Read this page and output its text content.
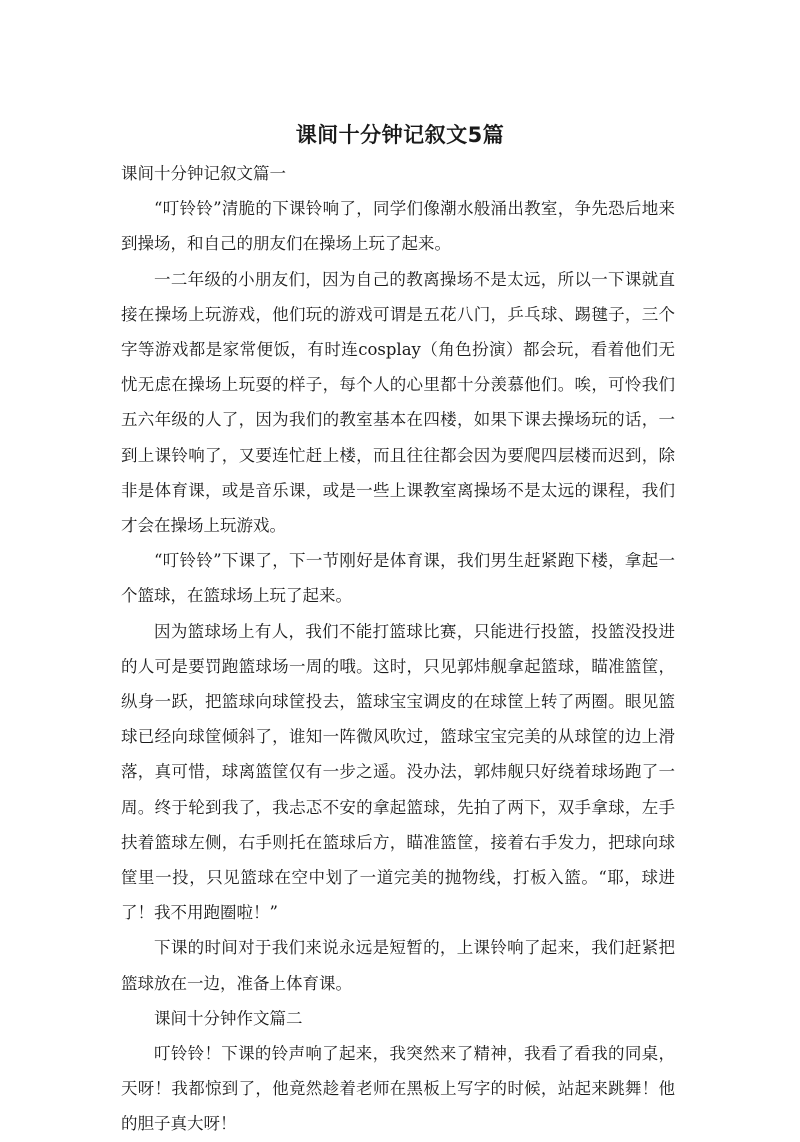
课间十分钟记叙文5篇

课间十分钟记叙文篇一

“叮铃铃”清脆的下课铃响了，同学们像潮水般涌出教室，争先恐后地来到操场，和自己的朋友们在操场上玩了起来。

一二年级的小朋友们，因为自己的教离操场不是太远，所以一下课就直接在操场上玩游戏，他们玩的游戏可谓是五花八门，乒乓球、踢毽子，三个字等游戏都是家常便饭，有时连cosplay（角色扮演）都会玩，看着他们无忧无虑在操场上玩耍的样子，每个人的心里都十分羡慕他们。唉，可怜我们五六年级的人了，因为我们的教室基本在四楼，如果下课去操场玩的话，一到上课铃响了，又要连忙赶上楼，而且往往都会因为要爬四层楼而迟到，除非是体育课，或是音乐课，或是一些上课教室离操场不是太远的课程，我们才会在操场上玩游戏。

“叮铃铃”下课了，下一节刚好是体育课，我们男生赶紧跑下楼，拿起一个篮球，在篮球场上玩了起来。

因为篮球场上有人，我们不能打篮球比赛，只能进行投篮，投篮没投进的人可是要罚跑篮球场一周的哦。这时，只见郭炜舰拿起篮球，瞄准篮筐，纵身一跃，把篮球向球筐投去，篮球宝宝调皮的在球筐上转了两圈。眼见篮球已经向球筐倾斜了，谁知一阵微风吹过，篮球宝宝完美的从球筐的边上滑落，真可惜，球离篮筐仅有一步之遥。没办法，郭炜舰只好绕着球场跑了一周。终于轮到我了，我忐忑不安的拿起篮球，先拍了两下，双手拿球，左手扶着篮球左侧，右手则托在篮球后方，瞄准篮筐，接着右手发力，把球向球筐里一投，只见篮球在空中划了一道完美的抛物线，打板入篮。“耶，球进了！我不用跑圈啦！”

下课的时间对于我们来说永远是短暂的，上课铃响了起来，我们赶紧把篮球放在一边，准备上体育课。

课间十分钟作文篇二

叮铃铃！下课的铃声响了起来，我突然来了精神，我看了看我的同桌，天呀！我都惊到了，他竟然趁着老师在黑板上写字的时候，站起来跳舞！他的胆子真大呀！
